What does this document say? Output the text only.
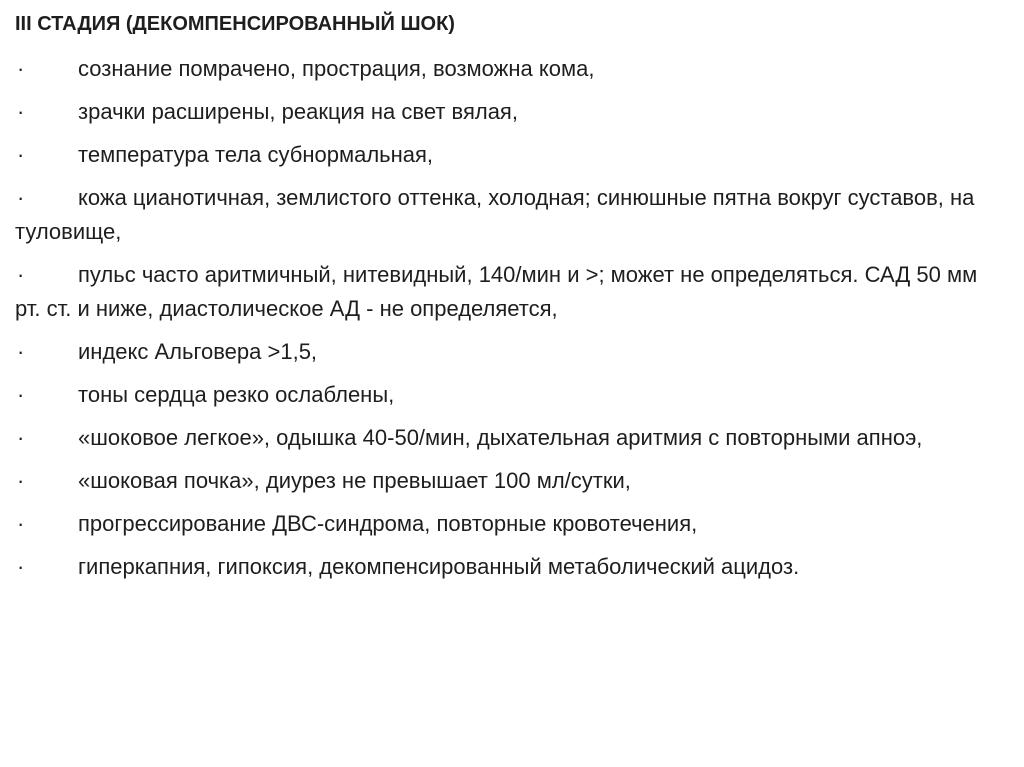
III СТАДИЯ (ДЕКОМПЕНСИРОВАННЫЙ ШОК)
· сознание помрачено, прострация, возможна кома,
· зрачки расширены, реакция на свет вялая,
· температура тела субнормальная,
· кожа цианотичная, землистого оттенка, холодная; синюшные пятна вокруг суставов, на туловище,
· пульс часто аритмичный, нитевидный, 140/мин и >; может не определяться. САД 50 мм рт. ст. и ниже, диастолическое АД - не определяется,
· индекс Альговера >1,5,
· тоны сердца резко ослаблены,
· «шоковое легкое», одышка 40-50/мин, дыхательная аритмия с повторными апноэ,
· «шоковая почка», диурез не превышает 100 мл/сутки,
· прогрессирование ДВС-синдрома, повторные кровотечения,
· гиперкапния, гипоксия, декомпенсированный метаболический ацидоз.
